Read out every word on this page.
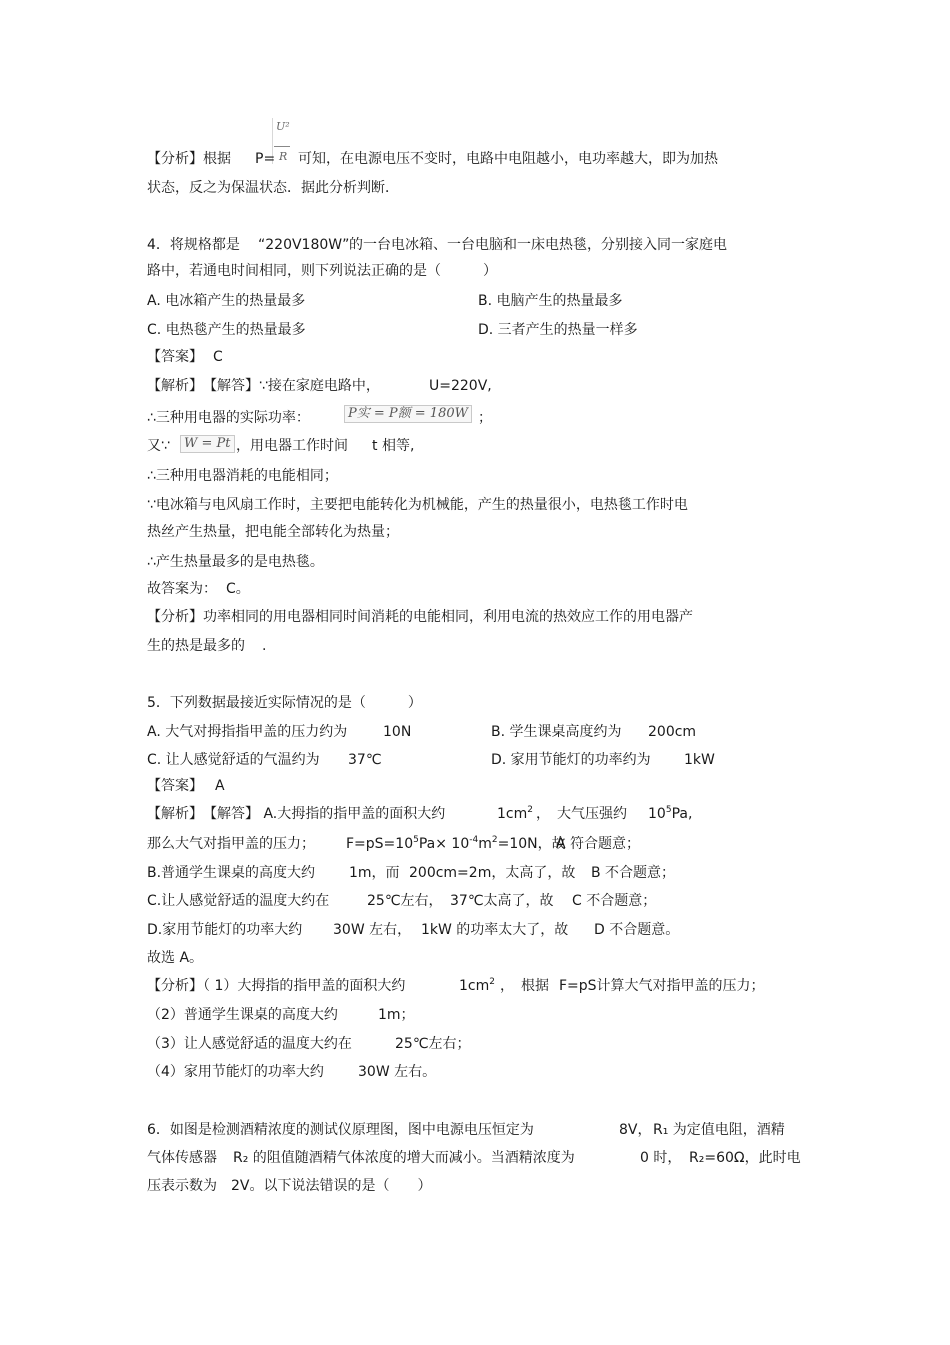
U²
R
【分析】根据 P= 可知，在电源电压不变时，电路中电阻越小，电功率越大，即为加热
状态，反之为保温状态．据此分析判断．
4．将规格都是 “220V180W” 的一台电冰箱、一台电脑和一床电热毯，分别接入同一家庭电
路中，若通电时间相同，则下列说法正确的是（　　　）
A. 电冰箱产生的热量最多	B. 电脑产生的热量最多
C. 电热毯产生的热量最多	D. 三者产生的热量一样多
【答案】 C
【解析】　【解答】∵接在家庭电路中，	U=220V,
∴三种用电器的实际功率：	P实 = P额 = 180W ；
又∵	W = Pt ，用电器工作时间 t 相等,
∴三种用电器消耗的电能相同；
∵电冰箱与电风扇工作时，主要把电能转化为机械能，产生的热量很小，电热毯工作时电
热丝产生热量，把电能全部转化为热量；
∴产生热量最多的是电热毯。
故答案为： C。
【分析】功率相同的用电器相同时间消耗的电能相同，利用电流的热效应工作的用电器产
生的热是最多的 .
5．下列数据最接近实际情况的是（　　　）
A. 大气对拇指指甲盖的压力约为	10N	B. 学生课桌高度约为 200cm
C. 让人感觉舒适的气温约为 37℃	D. 家用节能灯的功率约为 1kW
【答案】 A
【解析】　【解答】 A.大拇指的指甲盖的面积大约	$1cm^2$ ，　大气压强约 $10^5Pa$,
那么大气对指甲盖的压力； $F=pS=10^5Pa\times 10^{-4}m^2=10N$，故
A 符合题意；
B.普通学生课桌的高度大约 1m，而 200cm=2m，太高了，故 B 不合题意；
C.让人感觉舒适的温度大约在	25℃左右， 37℃太高了，故 C 不合题意；
D.家用节能灯的功率大约 30W 左右， 1kW 的功率太大了，故 D 不合题意。
故选 A。
【分析】（ 1）大拇指的指甲盖的面积大约	$1cm^2$ ，　根据 F=pS计算大气对指甲盖的压力；
（2）普通学生课桌的高度大约	1m；
（3）让人感觉舒适的温度大约在	25℃左右；
（4）家用节能灯的功率大约 30W 左右。
6．如图是检测酒精浓度的测试仪原理图，图中电源电压恒定为	8V， R₁ 为定值电阻，酒精
气体传感器 R₂ 的阻值随酒精气体浓度的增大而减小。当酒精浓度为	0 时， R₂=60Ω，此时电
压表示数为 2V。以下说法错误的是（　　）
